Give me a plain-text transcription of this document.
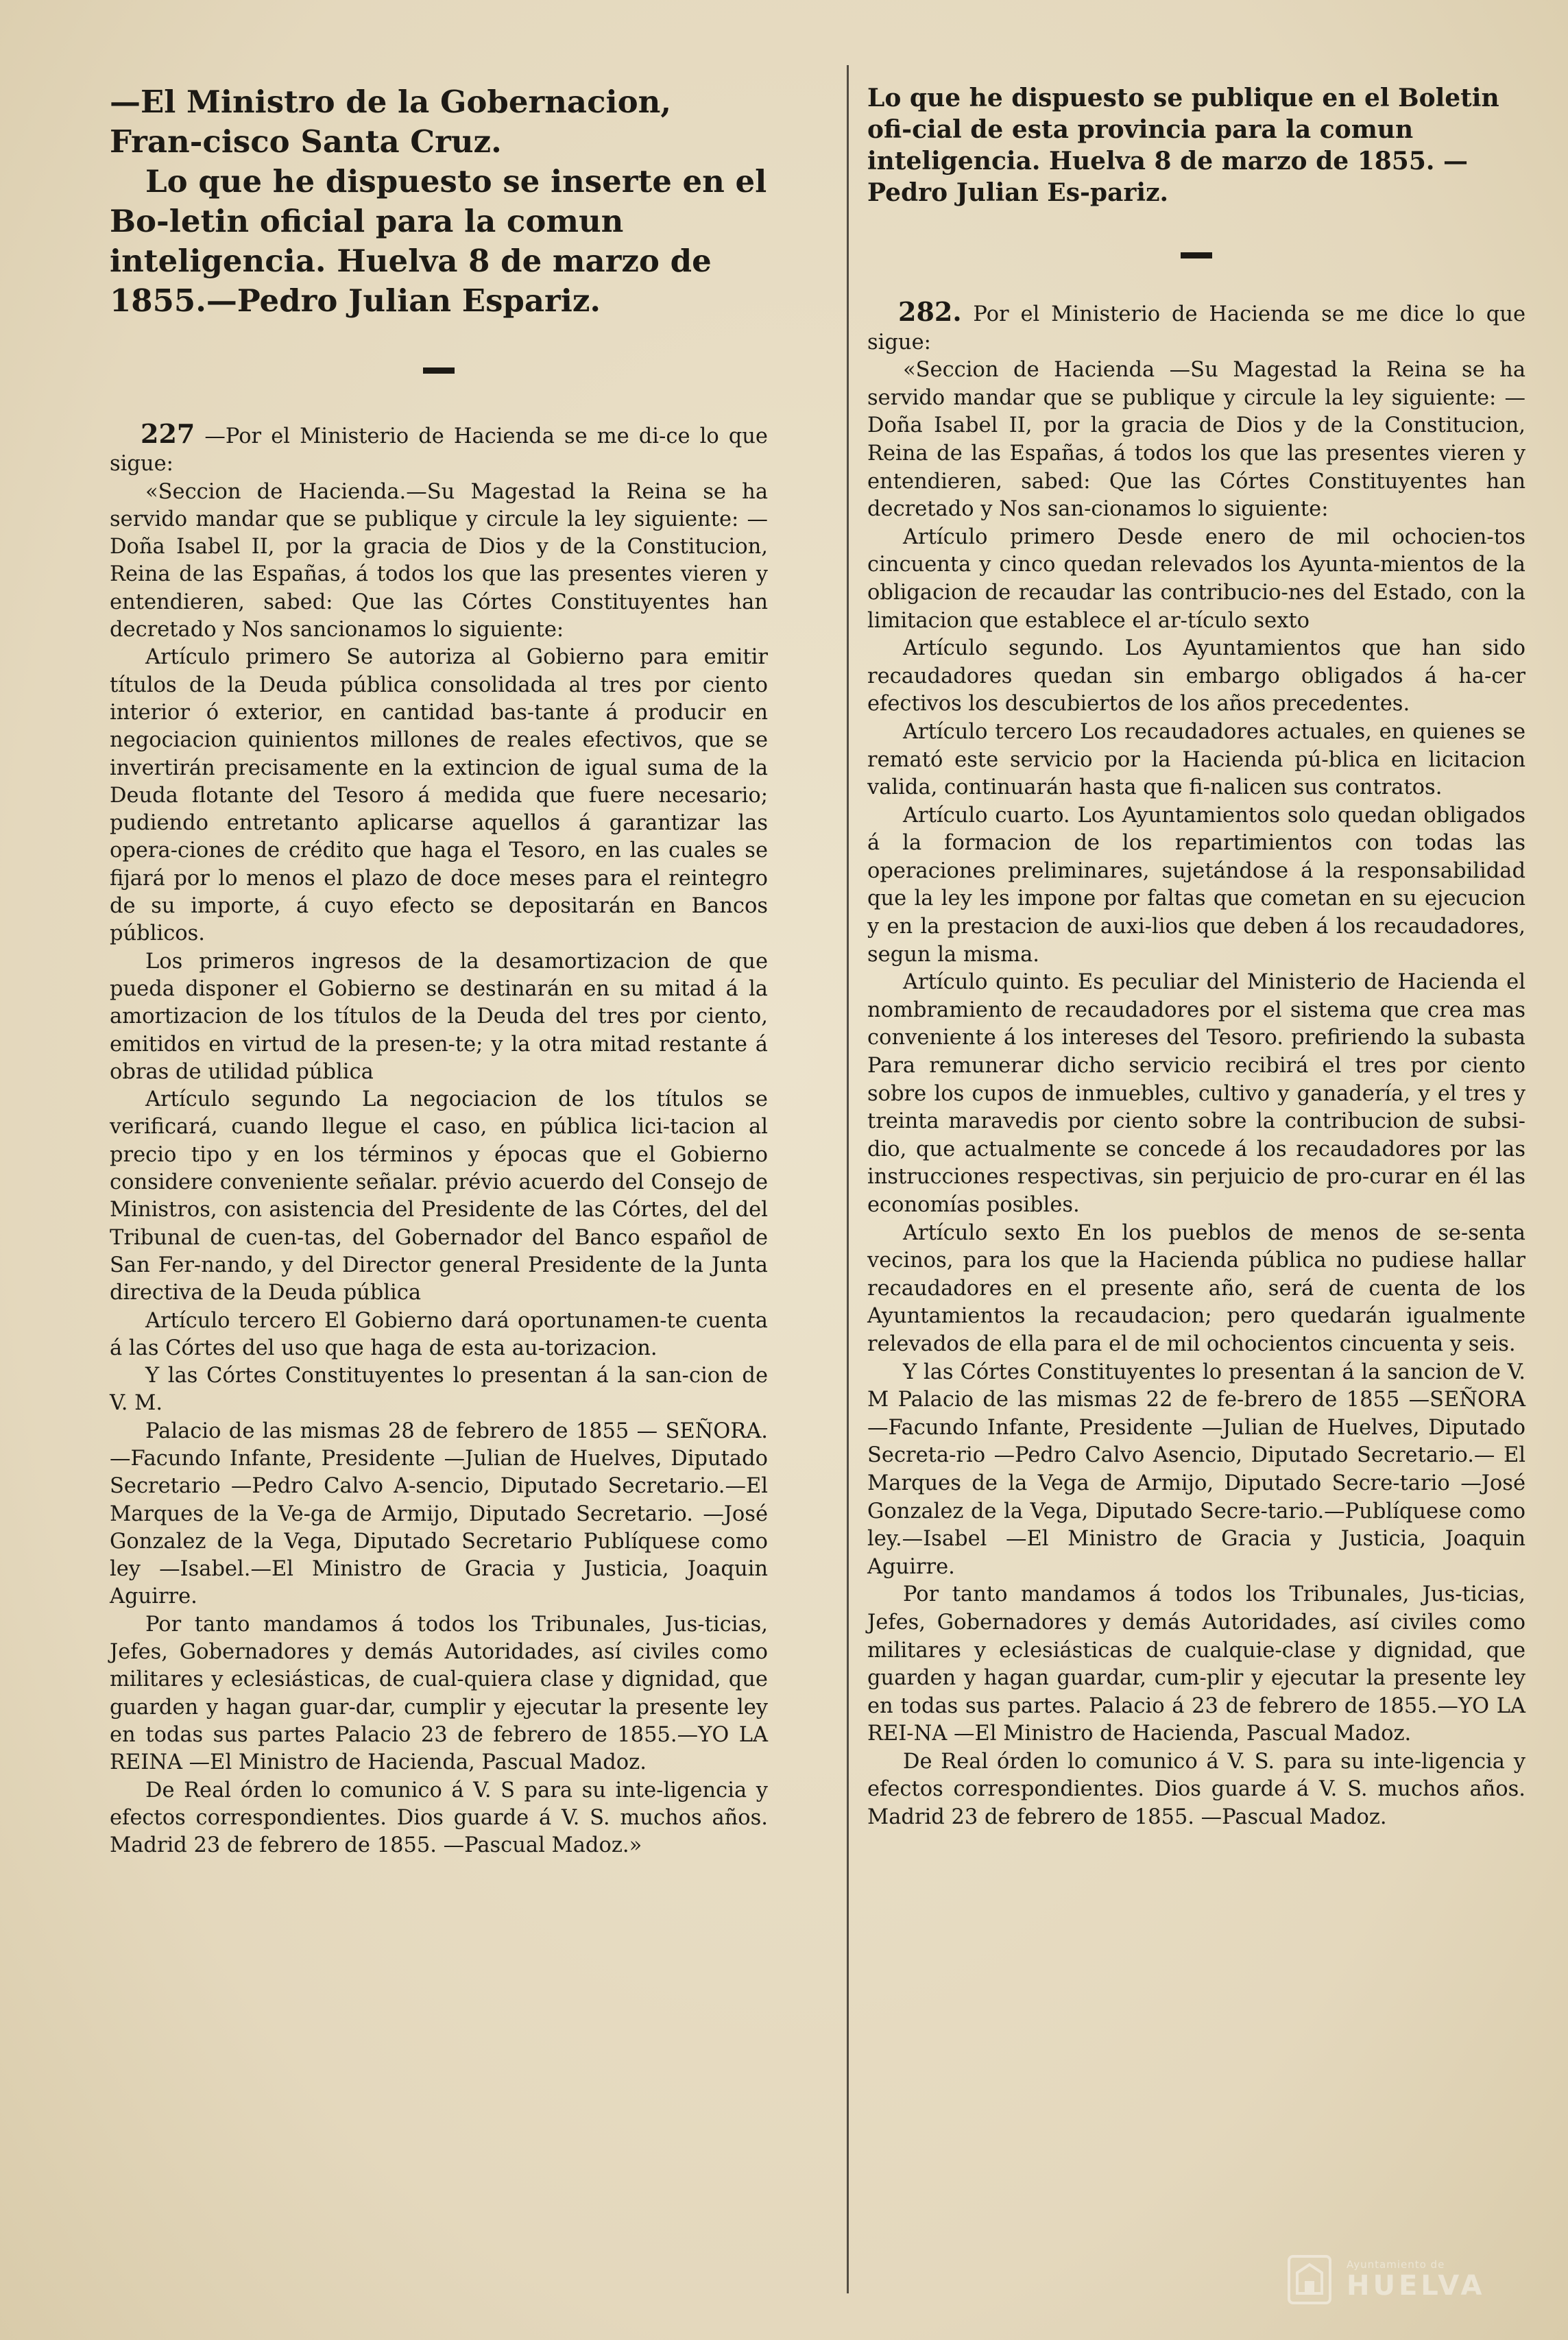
—El Ministro de la Gobernacion, Fran-cisco Santa Cruz.

Lo que he dispuesto se inserte en el Bo-letin oficial para la comun inteligencia. Huelva 8 de marzo de 1855.—Pedro Julian Espariz.

227 —Por el Ministerio de Hacienda se me di-ce lo que sigue:

«Seccion de Hacienda.—Su Magestad la Reina se ha servido mandar que se publique y circule la ley siguiente: —Doña Isabel II, por la gracia de Dios y de la Constitucion, Reina de las Españas, á todos los que las presentes vieren y entendieren, sabed: Que las Córtes Constituyentes han decretado y Nos sancionamos lo siguiente:

Artículo primero Se autoriza al Gobierno para emitir títulos de la Deuda pública consolidada al tres por ciento interior ó exterior, en cantidad bas-tante á producir en negociacion quinientos millones de reales efectivos, que se invertirán precisamente en la extincion de igual suma de la Deuda flotante del Tesoro á medida que fuere necesario; pudiendo entretanto aplicarse aquellos á garantizar las opera-ciones de crédito que haga el Tesoro, en las cuales se fijará por lo menos el plazo de doce meses para el reintegro de su importe, á cuyo efecto se depositarán en Bancos públicos.

Los primeros ingresos de la desamortizacion de que pueda disponer el Gobierno se destinarán en su mitad á la amortizacion de los títulos de la Deuda del tres por ciento, emitidos en virtud de la presen-te; y la otra mitad restante á obras de utilidad pública

Artículo segundo La negociacion de los títulos se verificará, cuando llegue el caso, en pública lici-tacion al precio tipo y en los términos y épocas que el Gobierno considere conveniente señalar. prévio acuerdo del Consejo de Ministros, con asistencia del Presidente de las Córtes, del del Tribunal de cuen-tas, del Gobernador del Banco español de San Fer-nando, y del Director general Presidente de la Junta directiva de la Deuda pública

Artículo tercero El Gobierno dará oportunamen-te cuenta á las Córtes del uso que haga de esta au-torizacion.

Y las Córtes Constituyentes lo presentan á la san-cion de V. M.

Palacio de las mismas 28 de febrero de 1855 — SEÑORA.—Facundo Infante, Presidente —Julian de Huelves, Diputado Secretario —Pedro Calvo A-sencio, Diputado Secretario.—El Marques de la Ve-ga de Armijo, Diputado Secretario. —José Gonzalez de la Vega, Diputado Secretario Publíquese como ley —Isabel.—El Ministro de Gracia y Justicia, Joaquin Aguirre.

Por tanto mandamos á todos los Tribunales, Jus-ticias, Jefes, Gobernadores y demás Autoridades, así civiles como militares y eclesiásticas, de cual-quiera clase y dignidad, que guarden y hagan guar-dar, cumplir y ejecutar la presente ley en todas sus partes Palacio 23 de febrero de 1855.—YO LA REINA —El Ministro de Hacienda, Pascual Madoz.

De Real órden lo comunico á V. S para su inte-ligencia y efectos correspondientes. Dios guarde á V. S. muchos años. Madrid 23 de febrero de 1855. —Pascual Madoz.»

Lo que he dispuesto se publique en el Boletin ofi-cial de esta provincia para la comun inteligencia. Huelva 8 de marzo de 1855. —Pedro Julian Es-pariz.

282. Por el Ministerio de Hacienda se me dice lo que sigue:

«Seccion de Hacienda —Su Magestad la Reina se ha servido mandar que se publique y circule la ley siguiente: —Doña Isabel II, por la gracia de Dios y de la Constitucion, Reina de las Españas, á todos los que las presentes vieren y entendieren, sabed: Que las Córtes Constituyentes han decretado y Nos san-cionamos lo siguiente:

Artículo primero Desde enero de mil ochocien-tos cincuenta y cinco quedan relevados los Ayunta-mientos de la obligacion de recaudar las contribucio-nes del Estado, con la limitacion que establece el ar-tículo sexto

Artículo segundo. Los Ayuntamientos que han sido recaudadores quedan sin embargo obligados á ha-cer efectivos los descubiertos de los años precedentes.

Artículo tercero Los recaudadores actuales, en quienes se remató este servicio por la Hacienda pú-blica en licitacion valida, continuarán hasta que fi-nalicen sus contratos.

Artículo cuarto. Los Ayuntamientos solo quedan obligados á la formacion de los repartimientos con todas las operaciones preliminares, sujetándose á la responsabilidad que la ley les impone por faltas que cometan en su ejecucion y en la prestacion de auxi-lios que deben á los recaudadores, segun la misma.

Artículo quinto. Es peculiar del Ministerio de Hacienda el nombramiento de recaudadores por el sistema que crea mas conveniente á los intereses del Tesoro. prefiriendo la subasta Para remunerar dicho servicio recibirá el tres por ciento sobre los cupos de inmuebles, cultivo y ganadería, y el tres y treinta maravedis por ciento sobre la contribucion de subsi-dio, que actualmente se concede á los recaudadores por las instrucciones respectivas, sin perjuicio de pro-curar en él las economías posibles.

Artículo sexto En los pueblos de menos de se-senta vecinos, para los que la Hacienda pública no pudiese hallar recaudadores en el presente año, será de cuenta de los Ayuntamientos la recaudacion; pero quedarán igualmente relevados de ella para el de mil ochocientos cincuenta y seis.

Y las Córtes Constituyentes lo presentan á la sancion de V. M Palacio de las mismas 22 de fe-brero de 1855 —SEÑORA —Facundo Infante, Presidente —Julian de Huelves, Diputado Secreta-rio —Pedro Calvo Asencio, Diputado Secretario.— El Marques de la Vega de Armijo, Diputado Secre-tario —José Gonzalez de la Vega, Diputado Secre-tario.—Publíquese como ley.—Isabel —El Ministro de Gracia y Justicia, Joaquin Aguirre.

Por tanto mandamos á todos los Tribunales, Jus-ticias, Jefes, Gobernadores y demás Autoridades, así civiles como militares y eclesiásticas de cualquie-clase y dignidad, que guarden y hagan guardar, cum-plir y ejecutar la presente ley en todas sus partes. Palacio á 23 de febrero de 1855.—YO LA REI-NA —El Ministro de Hacienda, Pascual Madoz.

De Real órden lo comunico á V. S. para su inte-ligencia y efectos correspondientes. Dios guarde á V. S. muchos años. Madrid 23 de febrero de 1855. —Pascual Madoz.

Ayuntamiento de
HUELVA
